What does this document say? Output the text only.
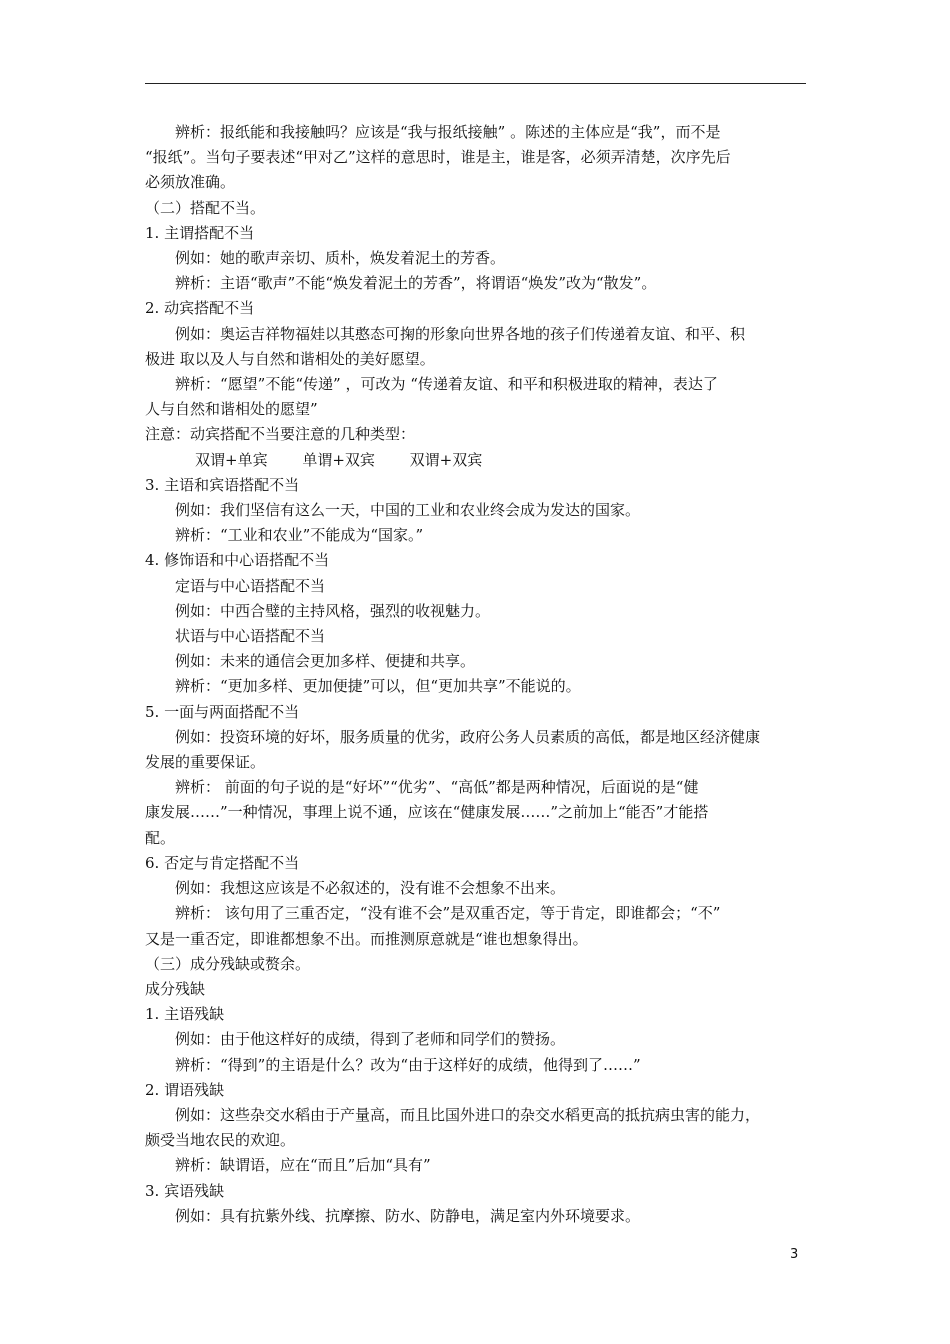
辨析：报纸能和我接触吗？应该是“我与报纸接触” 。陈述的主体应是“我”，而不是
“报纸”。当句子要表述“甲对乙”这样的意思时，谁是主，谁是客，必须弄清楚，次序先后
必须放准确。
（二）搭配不当。
1. 主谓搭配不当
例如：她的歌声亲切、质朴，焕发着泥土的芳香。
辨析：主语“歌声”不能“焕发着泥土的芳香”，将谓语“焕发”改为“散发”。
2. 动宾搭配不当
例如：奥运吉祥物福娃以其憨态可掬的形象向世界各地的孩子们传递着友谊、和平、积
极进 取以及人与自然和谐相处的美好愿望。
辨析：“愿望”不能“传递” ，可改为 “传递着友谊、和平和积极进取的精神，表达了
人与自然和谐相处的愿望”
注意：动宾搭配不当要注意的几种类型：
双谓+单宾 　　单谓+双宾 　　双谓+双宾
3. 主语和宾语搭配不当
例如：我们坚信有这么一天，中国的工业和农业终会成为发达的国家。
辨析：“工业和农业”不能成为“国家。”
4. 修饰语和中心语搭配不当
定语与中心语搭配不当
例如：中西合璧的主持风格，强烈的收视魅力。
状语与中心语搭配不当
例如：未来的通信会更加多样、便捷和共享。
辨析：“更加多样、更加便捷”可以，但“更加共享”不能说的。
5. 一面与两面搭配不当
例如：投资环境的好坏，服务质量的优劣，政府公务人员素质的高低，都是地区经济健康
发展的重要保证。
辨析： 前面的句子说的是“好坏”“优劣”、“高低”都是两种情况，后面说的是“健
康发展……”一种情况，事理上说不通，应该在“健康发展……”之前加上“能否”才能搭
配。
6. 否定与肯定搭配不当
例如：我想这应该是不必叙述的，没有谁不会想象不出来。
辨析： 该句用了三重否定，“没有谁不会”是双重否定，等于肯定，即谁都会；“不”
又是一重否定，即谁都想象不出。而推测原意就是“谁也想象得出。
（三）成分残缺或赘余。
成分残缺
1. 主语残缺
例如：由于他这样好的成绩，得到了老师和同学们的赞扬。
辨析：“得到”的主语是什么？改为“由于这样好的成绩，他得到了……”
2. 谓语残缺
例如：这些杂交水稻由于产量高，而且比国外进口的杂交水稻更高的抵抗病虫害的能力，
颇受当地农民的欢迎。
辨析：缺谓语，应在“而且”后加“具有”
3. 宾语残缺
例如：具有抗紫外线、抗摩擦、防水、防静电，满足室内外环境要求。
3
